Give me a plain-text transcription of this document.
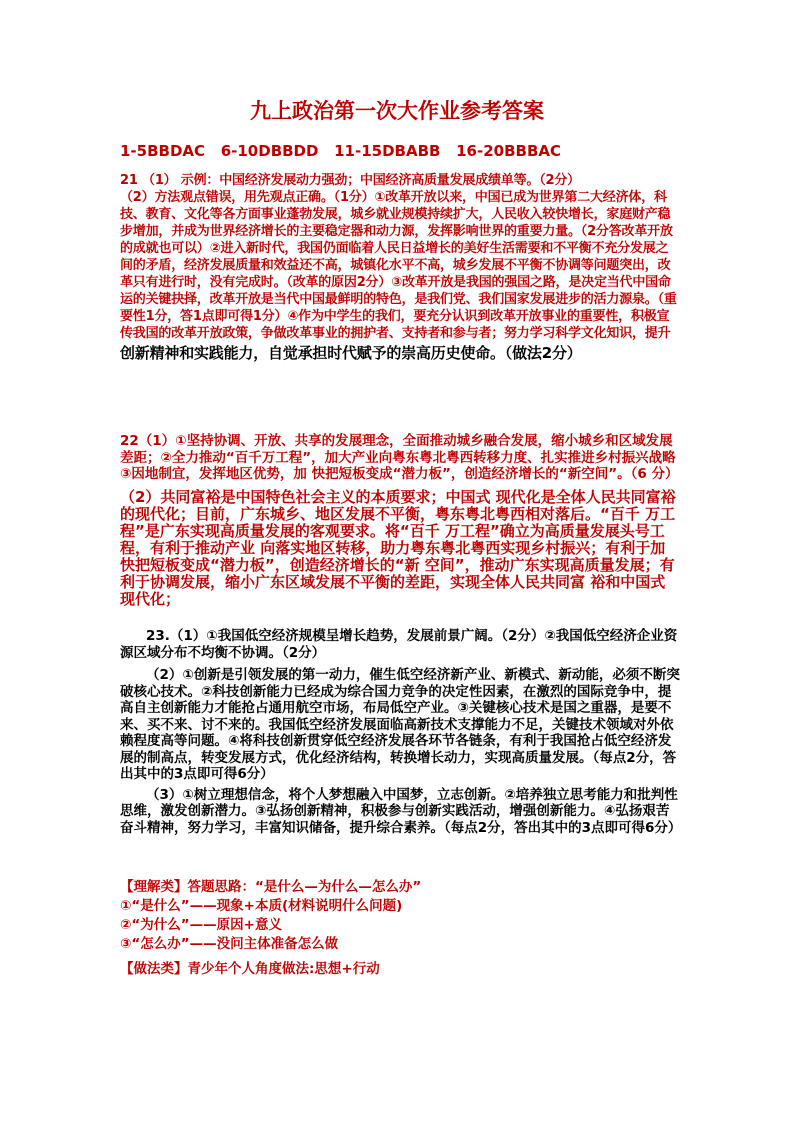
九上政治第一次大作业参考答案
1-5BBDAC   6-10DBBDD   11-15DBABB   16-20BBBAC

21 （1） 示例：中国经济发展动力强劲；中国经济高质量发展成绩单等。（2分）

（2）方法观点错误，用先观点正确。（1分）①改革开放以来，中国已成为世界第二大经济体，科技、教育、文化等各方面事业蓬勃发展，城乡就业规模持续扩大，人民收入较快增长，家庭财产稳步增加，并成为世界经济增长的主要稳定器和动力源，发挥影响世界的重要力量。（2分答改革开放的成就也可以）②进入新时代，我国仍面临着人民日益增长的美好生活需要和不平衡不充分发展之间的矛盾，经济发展质量和效益还不高，城镇化水平不高，城乡发展不平衡不协调等问题突出，改革只有进行时，没有完成时。（改革的原因2分）③改革开放是我国的强国之路，是决定当代中国命运的关键抉择，改革开放是当代中国最鲜明的特色，是我们党、我们国家发展进步的活力源泉。（重要性1分，答1点即可得1分）④作为中学生的我们，要充分认识到改革开放事业的重要性，积极宣传我国的改革开放政策，争做改革事业的拥护者、支持者和参与者；努力学习科学文化知识，提升

创新精神和实践能力，自觉承担时代赋予的崇高历史使命。（做法2分）

22（1）①坚持协调、开放、共享的发展理念，全面推动城乡融合发展，缩小城乡和区域发展差距；②全力推动“百千万工程”，加大产业向粤东粤北粤西转移力度、扎实推进乡村振兴战略 ③因地制宜，发挥地区优势，加 快把短板变成“潜力板”，创造经济增长的“新空间”。（6 分）

（2）共同富裕是中国特色社会主义的本质要求；中国式 现代化是全体人民共同富裕的现代化；目前，广东城乡、地区发展不平衡，粤东粤北粤西相对落后。“百千 万工程”是广东实现高质量发展的客观要求。将“百千 万工程”确立为高质量发展头号工程，有利于推动产业 向落实地区转移，助力粤东粤北粤西实现乡村振兴；有利于加快把短板变成“潜力板”，创造经济增长的“新 空间”，推动广东实现高质量发展；有利于协调发展，缩小广东区域发展不平衡的差距，实现全体人民共同富 裕和中国式现代化；

23.（1）①我国低空经济规模呈增长趋势，发展前景广阔。（2分）②我国低空经济企业资源区域分布不均衡不协调。（2分）

（2）①创新是引领发展的第一动力，催生低空经济新产业、新模式、新动能，必须不断突破核心技术。②科技创新能力已经成为综合国力竞争的决定性因素，在激烈的国际竞争中，提高自主创新能力才能抢占通用航空市场，布局低空产业。③关键核心技术是国之重器，是要不来、买不来、讨不来的。我国低空经济发展面临高新技术支撑能力不足，关键技术领域对外依赖程度高等问题。④将科技创新贯穿低空经济发展各环节各链条，有利于我国抢占低空经济发展的制高点，转变发展方式，优化经济结构，转换增长动力，实现高质量发展。（每点2分，答出其中的3点即可得6分）

（3）①树立理想信念，将个人梦想融入中国梦，立志创新。②培养独立思考能力和批判性思维，激发创新潜力。③弘扬创新精神，积极参与创新实践活动，增强创新能力。④弘扬艰苦奋斗精神，努力学习，丰富知识储备，提升综合素养。（每点2分，答出其中的3点即可得6分）

【理解类】答题思路：“是什么—为什么—怎么办”

①“是什么”——现象+本质(材料说明什么问题)

②“为什么”——原因+意义

③“怎么办”——没问主体准备怎么做

【做法类】青少年个人角度做法:思想+行动
